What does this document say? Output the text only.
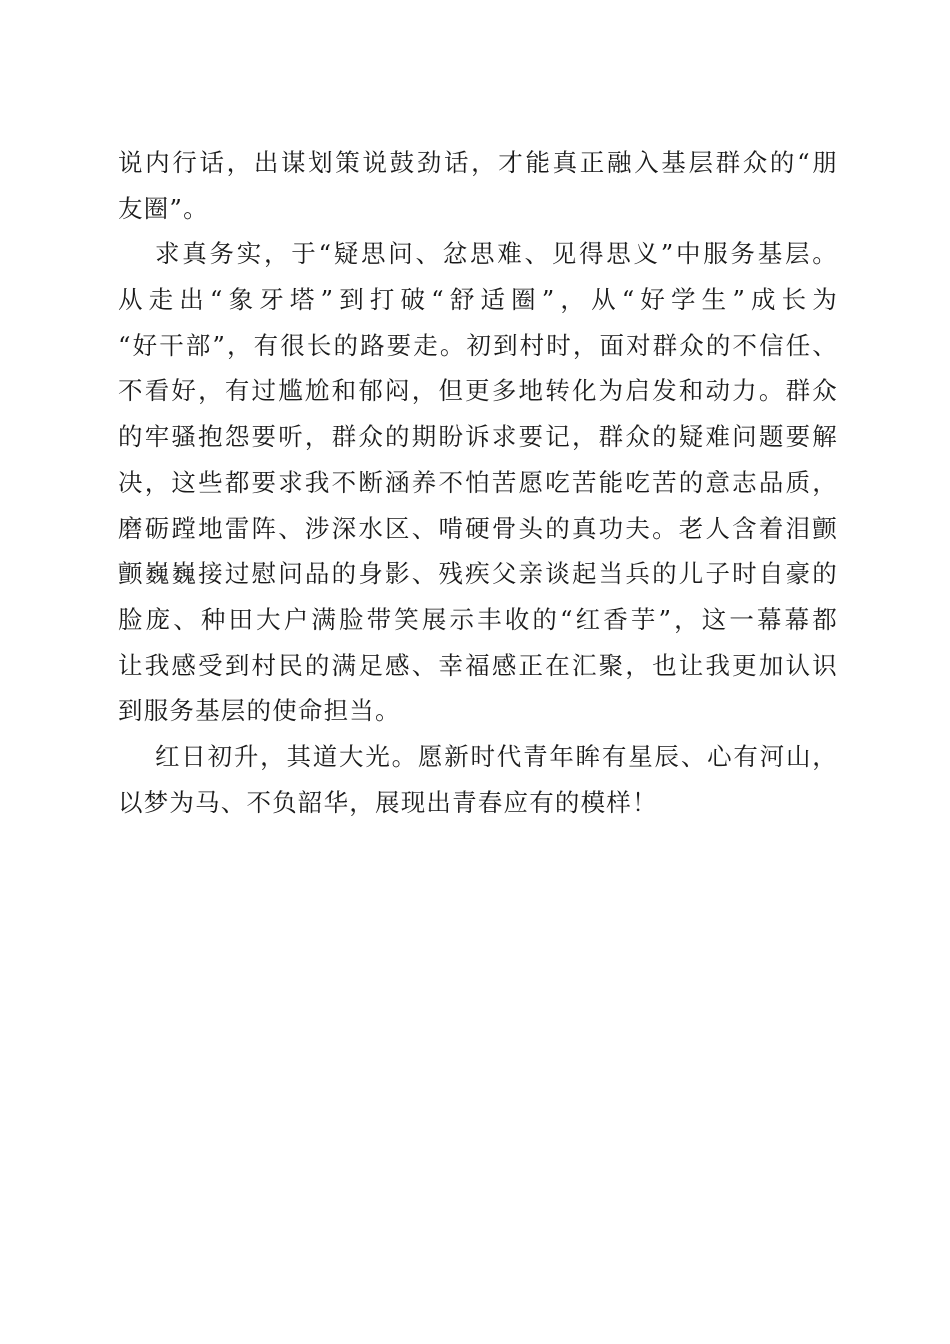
说内行话，出谋划策说鼓劲话，才能真正融入基层群众的“朋
友圈”。
求真务实，于“疑思问、忿思难、见得思义”中服务基层。
从走出“象牙塔”到打破“舒适圈”，从“好学生”成长为
“好干部”，有很长的路要走。初到村时，面对群众的不信任、
不看好，有过尴尬和郁闷，但更多地转化为启发和动力。群众
的牢骚抱怨要听，群众的期盼诉求要记，群众的疑难问题要解
决，这些都要求我不断涵养不怕苦愿吃苦能吃苦的意志品质，
磨砺蹚地雷阵、涉深水区、啃硬骨头的真功夫。老人含着泪颤
颤巍巍接过慰问品的身影、残疾父亲谈起当兵的儿子时自豪的
脸庞、种田大户满脸带笑展示丰收的“红香芋”，这一幕幕都
让我感受到村民的满足感、幸福感正在汇聚，也让我更加认识
到服务基层的使命担当。
红日初升，其道大光。愿新时代青年眸有星辰、心有河山，
以梦为马、不负韶华，展现出青春应有的模样！
